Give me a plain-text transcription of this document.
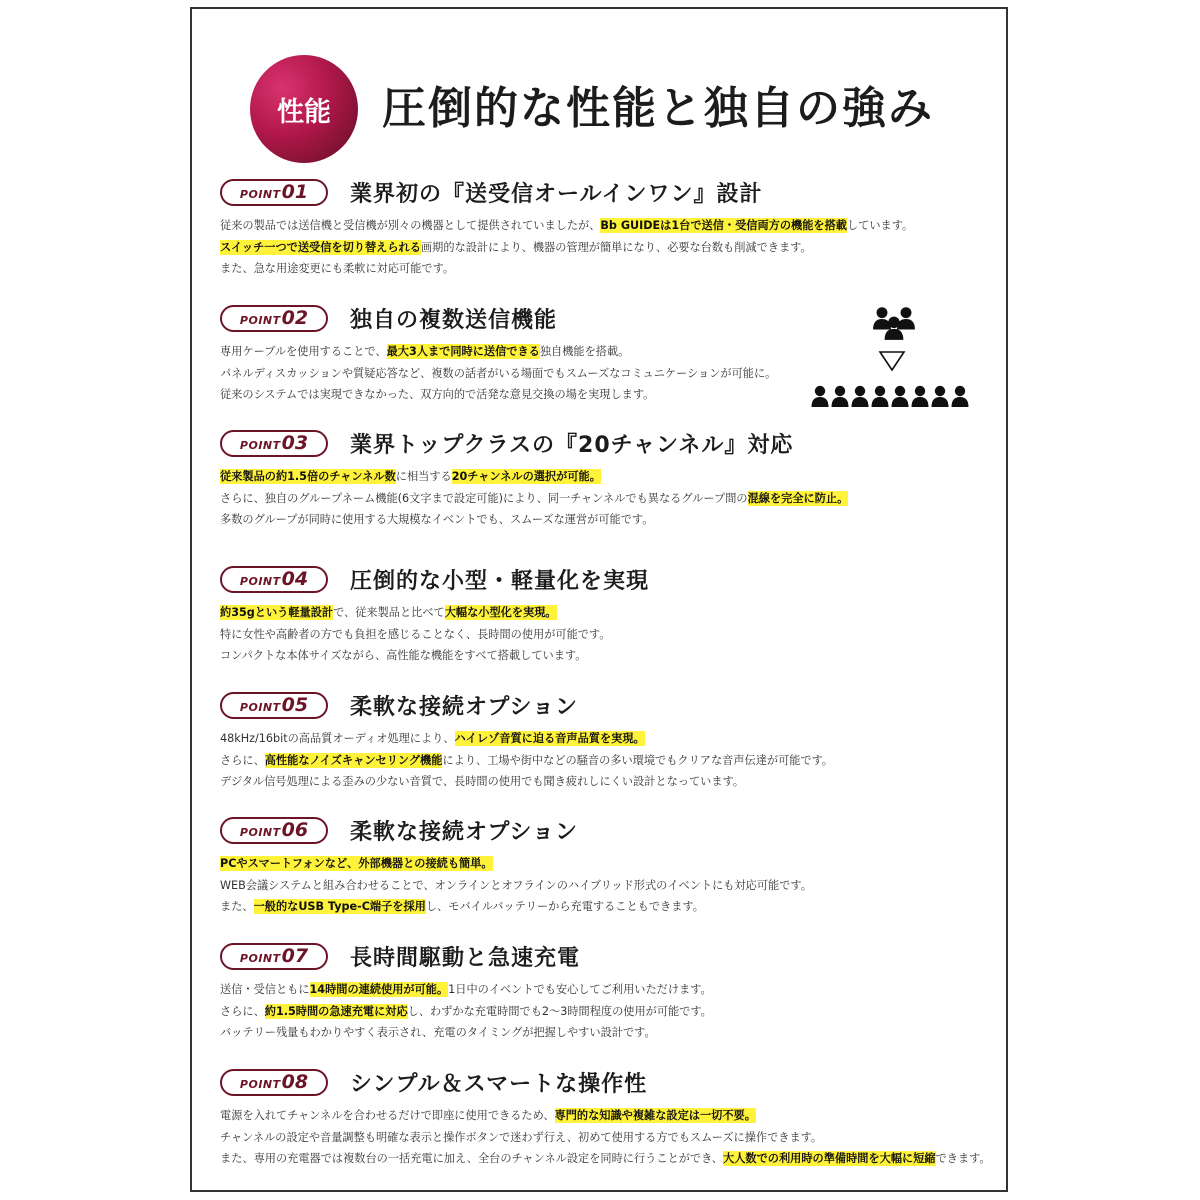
性能	圧倒的な性能と独自の強み
POINT 01 業界初の『送受信オールインワン』設計
従来の製品では送信機と受信機が別々の機器として提供されていましたが、Bb GUIDEは1台で送信・受信両方の機能を搭載しています。
スイッチ一つで送受信を切り替えられる画期的な設計により、機器の管理が簡単になり、必要な台数も削減できます。
また、急な用途変更にも柔軟に対応可能です。
POINT 02 独自の複数送信機能
専用ケーブルを使用することで、最大3人まで同時に送信できる独自機能を搭載。
パネルディスカッションや質疑応答など、複数の話者がいる場面でもスムーズなコミュニケーションが可能に。
従来のシステムでは実現できなかった、双方向的で活発な意見交換の場を実現します。
POINT 03 業界トップクラスの『20チャンネル』対応
従来製品の約1.5倍のチャンネル数に相当する20チャンネルの選択が可能。
さらに、独自のグループネーム機能(6文字まで設定可能)により、同一チャンネルでも異なるグループ間の混線を完全に防止。
多数のグループが同時に使用する大規模なイベントでも、スムーズな運営が可能です。
POINT 04 圧倒的な小型・軽量化を実現
約35gという軽量設計で、従来製品と比べて大幅な小型化を実現。
特に女性や高齢者の方でも負担を感じることなく、長時間の使用が可能です。
コンパクトな本体サイズながら、高性能な機能をすべて搭載しています。
POINT 05 柔軟な接続オプション
48kHz/16bitの高品質オーディオ処理により、ハイレゾ音質に迫る音声品質を実現。
さらに、高性能なノイズキャンセリング機能により、工場や街中などの騒音の多い環境でもクリアな音声伝達が可能です。
デジタル信号処理による歪みの少ない音質で、長時間の使用でも聞き疲れしにくい設計となっています。
POINT 06 柔軟な接続オプション
PCやスマートフォンなど、外部機器との接続も簡単。
WEB会議システムと組み合わせることで、オンラインとオフラインのハイブリッド形式のイベントにも対応可能です。
また、一般的なUSB Type-C端子を採用し、モバイルバッテリーから充電することもできます。
POINT 07 長時間駆動と急速充電
送信・受信ともに14時間の連続使用が可能。1日中のイベントでも安心してご利用いただけます。
さらに、約1.5時間の急速充電に対応し、わずかな充電時間でも2〜3時間程度の使用が可能です。
バッテリー残量もわかりやすく表示され、充電のタイミングが把握しやすい設計です。
POINT 08 シンプル＆スマートな操作性
電源を入れてチャンネルを合わせるだけで即座に使用できるため、専門的な知識や複雑な設定は一切不要。
チャンネルの設定や音量調整も明確な表示と操作ボタンで迷わず行え、初めて使用する方でもスムーズに操作できます。
また、専用の充電器では複数台の一括充電に加え、全台のチャンネル設定を同時に行うことができ、大人数での利用時の準備時間を大幅に短縮できます。
